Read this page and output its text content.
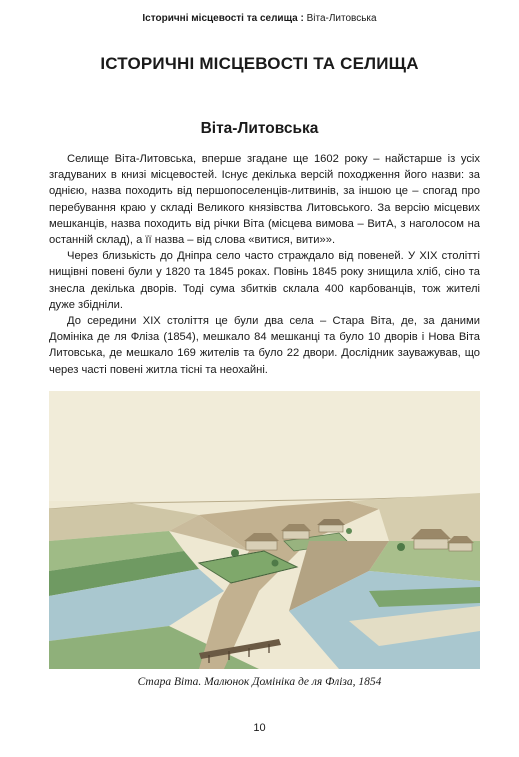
Історичні місцевості та селища : Віта-Литовська
ІСТОРИЧНІ МІСЦЕВОСТІ ТА СЕЛИЩА
Віта-Литовська

Селище Віта-Литовська, вперше згадане ще 1602 року – найстарше із усіх згадуваних в книзі місцевостей. Існує декілька версій походження його назви: за однією, назва походить від першопоселенців-литвинів, за іншою це – спогад про перебування краю у складі Великого князівства Литовського. За версію місцевих мешканців, назва походить від річки Віта (місцева вимова – ВитА, з наголосом на останній склад), а її назва – від слова «витися, вити»».

Через близькість до Дніпра село часто страждало від повеней. У XIX столітті нищівні повені були у 1820 та 1845 роках. Повінь 1845 року знищила хліб, сіно та знесла декілька дворів. Тоді сума збитків склала 400 карбованців, тож жителі дуже збідніли.

До середини XIX століття це були два села – Стара Віта, де, за даними Домініка де ля Фліза (1854), мешкало 84 мешканці та було 10 дворів і Нова Віта Литовська, де мешкало 169 жителів та було 22 двори. Дослідник зауважував, що через часті повені житла тісні та неохайні.

Стара Віта. Малюнок Домініка де ля Фліза, 1854
10
